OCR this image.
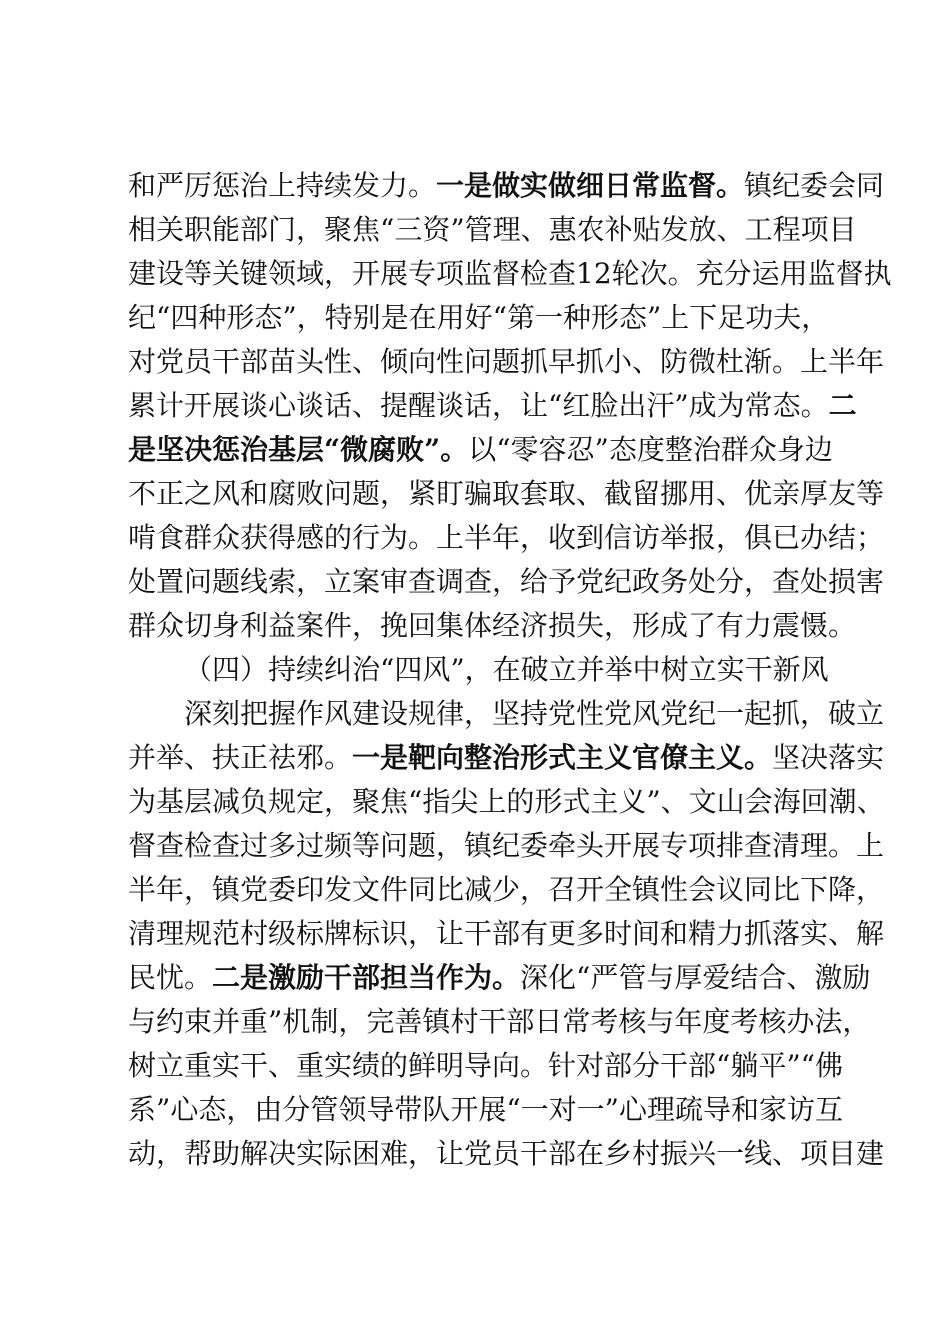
和严厉惩治上持续发力。一是做实做细日常监督。镇纪委会同
相关职能部门，聚焦“三资”管理、惠农补贴发放、工程项目
建设等关键领域，开展专项监督检查12轮次。充分运用监督执
纪“四种形态”，特别是在用好“第一种形态”上下足功夫，
对党员干部苗头性、倾向性问题抓早抓小、防微杜渐。上半年
累计开展谈心谈话、提醒谈话，让“红脸出汗”成为常态。二
是坚决惩治基层“微腐败”。以“零容忍”态度整治群众身边
不正之风和腐败问题，紧盯骗取套取、截留挪用、优亲厚友等
啃食群众获得感的行为。上半年，收到信访举报，俱已办结；
处置问题线索，立案审查调查，给予党纪政务处分，查处损害
群众切身利益案件，挽回集体经济损失，形成了有力震慑。
（四）持续纠治“四风”，在破立并举中树立实干新风
深刻把握作风建设规律，坚持党性党风党纪一起抓，破立
并举、扶正祛邪。一是靶向整治形式主义官僚主义。坚决落实
为基层减负规定，聚焦“指尖上的形式主义”、文山会海回潮、
督查检查过多过频等问题，镇纪委牵头开展专项排查清理。上
半年，镇党委印发文件同比减少，召开全镇性会议同比下降，
清理规范村级标牌标识，让干部有更多时间和精力抓落实、解
民忧。二是激励干部担当作为。深化“严管与厚爱结合、激励
与约束并重”机制，完善镇村干部日常考核与年度考核办法，
树立重实干、重实绩的鲜明导向。针对部分干部“躺平”“佛
系”心态，由分管领导带队开展“一对一”心理疏导和家访互
动，帮助解决实际困难，让党员干部在乡村振兴一线、项目建
